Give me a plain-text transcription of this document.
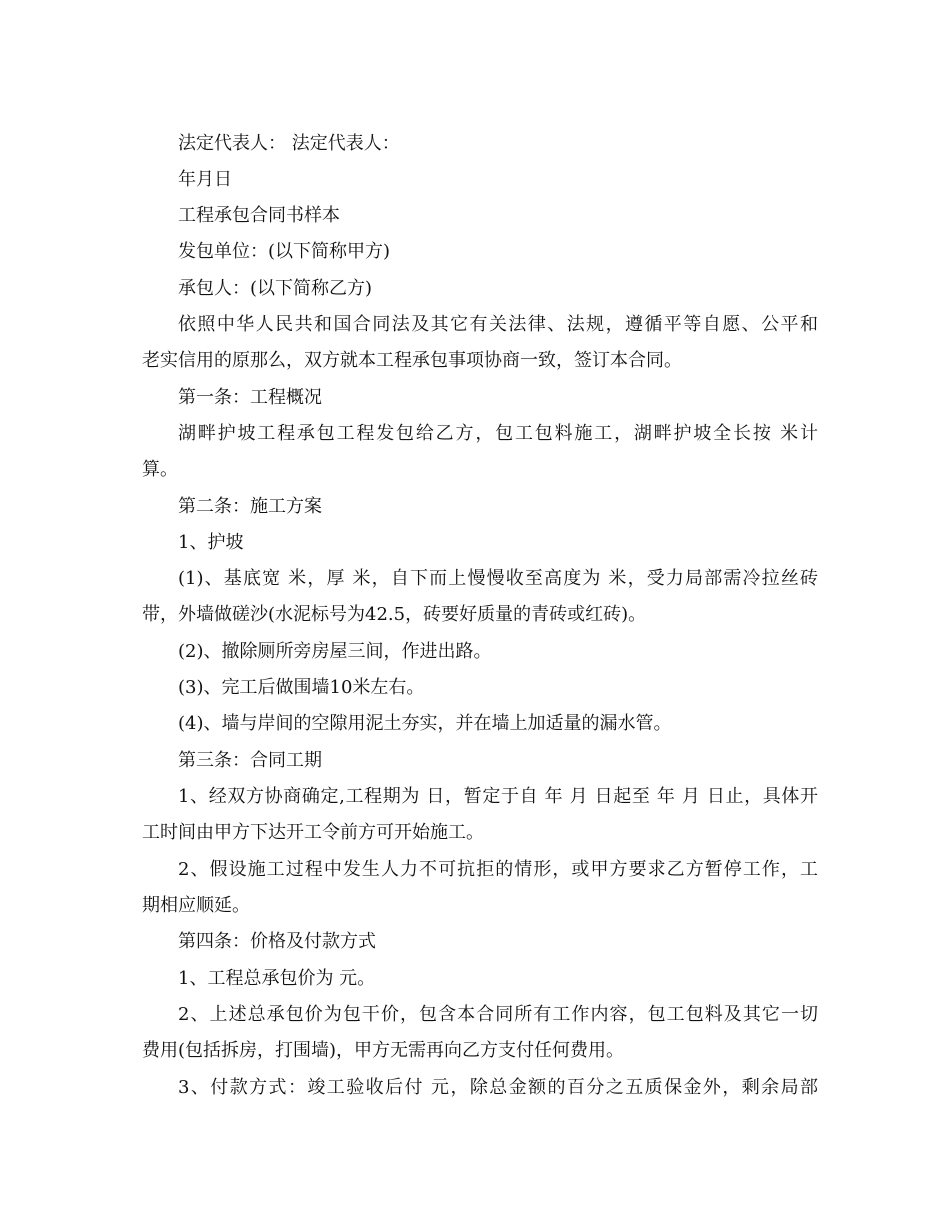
法定代表人： 法定代表人：
年月日
工程承包合同书样本
发包单位：(以下简称甲方)
承包人：(以下简称乙方)
依照中华人民共和国合同法及其它有关法律、法规，遵循平等自愿、公平和
老实信用的原那么，双方就本工程承包事项协商一致，签订本合同。
第一条：工程概况
湖畔护坡工程承包工程发包给乙方，包工包料施工，湖畔护坡全长按 米计
算。
第二条：施工方案
1、护坡
(1)、基底宽 米，厚 米，自下而上慢慢收至高度为 米，受力局部需冷拉丝砖
带，外墙做磋沙(水泥标号为42.5，砖要好质量的青砖或红砖)。
(2)、撤除厕所旁房屋三间，作进出路。
(3)、完工后做围墙10米左右。
(4)、墙与岸间的空隙用泥土夯实，并在墙上加适量的漏水管。
第三条：合同工期
1、经双方协商确定,工程期为 日，暂定于自 年 月 日起至 年 月 日止，具体开
工时间由甲方下达开工令前方可开始施工。
2、假设施工过程中发生人力不可抗拒的情形，或甲方要求乙方暂停工作，工
期相应顺延。
第四条：价格及付款方式
1、工程总承包价为 元。
2、上述总承包价为包干价，包含本合同所有工作内容，包工包料及其它一切
费用(包括拆房，打围墙)，甲方无需再向乙方支付任何费用。
3、付款方式：竣工验收后付 元，除总金额的百分之五质保金外，剩余局部
